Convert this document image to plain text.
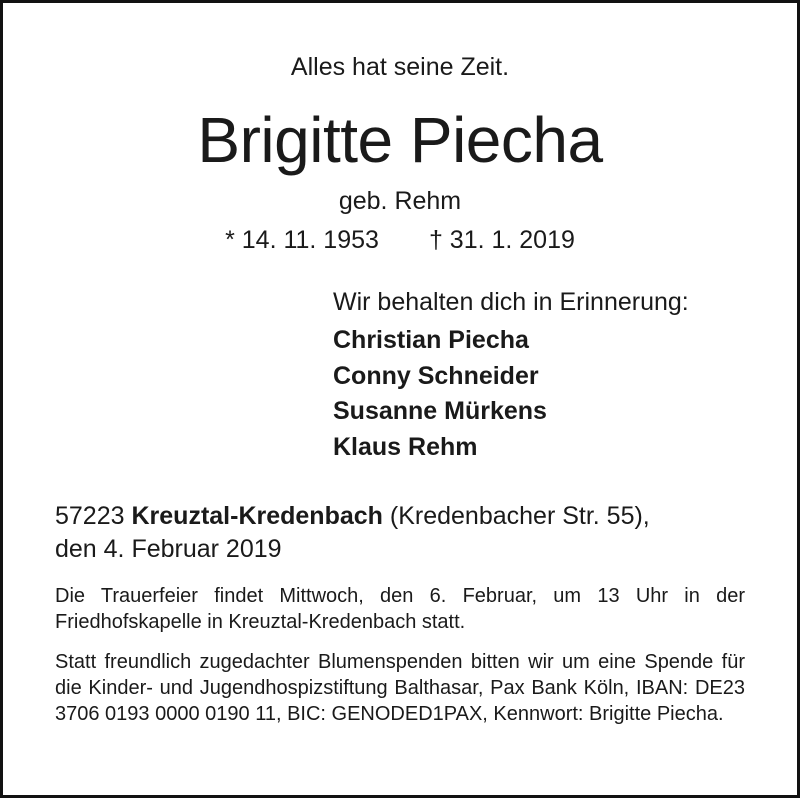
Alles hat seine Zeit.
Brigitte Piecha
geb. Rehm
* 14. 11. 1953 † 31. 1. 2019
Wir behalten dich in Erinnerung:
Christian Piecha
Conny Schneider
Susanne Mürkens
Klaus Rehm
57223 Kreuztal-Kredenbach (Kredenbacher Str. 55),
den 4. Februar 2019
Die Trauerfeier findet Mittwoch, den 6. Februar, um 13 Uhr in der Friedhofskapelle in Kreuztal-Kredenbach statt.
Statt freundlich zugedachter Blumenspenden bitten wir um eine Spende für die Kinder- und Jugendhospizstiftung Balthasar, Pax Bank Köln, IBAN: DE23 3706 0193 0000 0190 11, BIC: GENODED1PAX, Kennwort: Brigitte Piecha.
